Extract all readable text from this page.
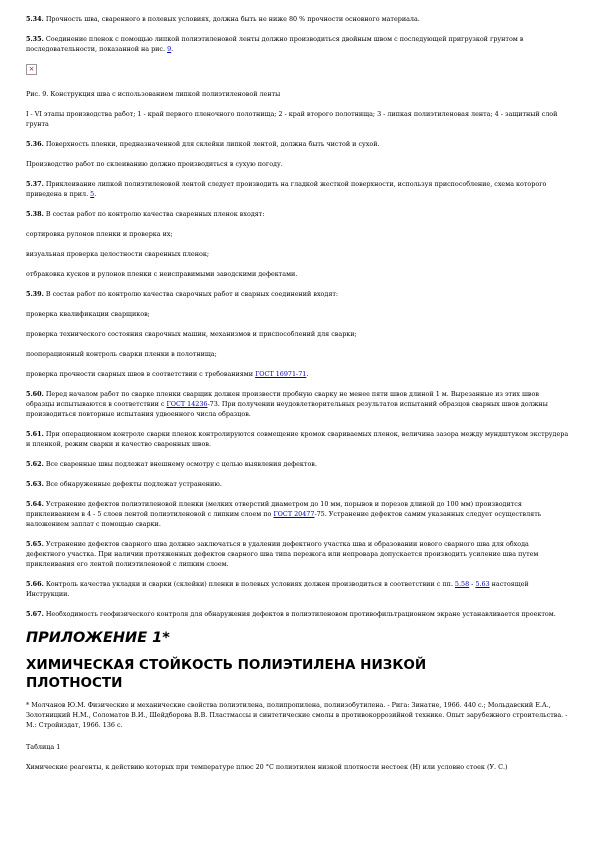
5.34. Прочность шва, сваренного в полевых условиях, должна быть не ниже 80 % прочности основного материала.

5.35. Соединение пленок с помощью липкой полиэтиленовой ленты должно производиться двойным швом с последующей пригрузкой грунтом в последовательности, показанной на рис. 9.

×

Рис. 9. Конструкция шва с использованием липкой полиэтиленовой ленты

I - VI этапы производства работ; 1 - край первого пленочного полотнища; 2 - край второго полотнища; 3 - липкая полиэтиленовая лента; 4 - защитный слой грунта

5.36. Поверхность пленки, предназначенной для склейки липкой лентой, должна быть чистой и сухой.

Производство работ по склеиванию должно производиться в сухую погоду.

5.37. Приклеивание липкой полиэтиленовой лентой следует производить на гладкой жесткой поверхности, используя приспособление, схема которого приведена в прил. 5.

5.38. В состав работ по контролю качества сваренных пленок входят:

сортировка рулонов пленки и проверка их;

визуальная проверка целостности сваренных пленок;

отбраковка кусков и рулонов пленки с неисправимыми заводскими дефектами.

5.39. В состав работ по контролю качества сварочных работ и сварных соединений входят:

проверка квалификации сварщиков;

проверка технического состояния сварочных машин, механизмов и приспособлений для сварки;

пооперационный контроль сварки пленки в полотнища;

проверка прочности сварных швов в соответствии с требованиями ГОСТ 16971-71.

5.60. Перед началом работ по сварке пленки сварщик должен произвести пробную сварку не менее пяти швов длиной 1 м. Вырезанные из этих швов образцы испытываются в соответствии с ГОСТ 14236-73. При получении неудовлетворительных результатов испытаний образцов сварных швов должны производиться повторные испытания удвоенного числа образцов.

5.61. При операционном контроле сварки пленок контролируются совмещение кромок свариваемых пленок, величина зазора между мундштуком экструдера и пленкой, режим сварки и качество сваренных швов.

5.62. Все сваренные швы подлежат внешнему осмотру с целью выявления дефектов.

5.63. Все обнаруженные дефекты подлежат устранению.

5.64. Устранение дефектов полиэтиленовой пленки (мелких отверстий диаметром до 10 мм, порывов и порезов длиной до 100 мм) производится приклеиванием в 4 - 5 слоев лентой полиэтиленовой с липким слоем по ГОСТ 20477-75. Устранение дефектов самим указанных следует осуществлять наложением заплат с помощью сварки.

5.65. Устранение дефектов сварного шва должно заключаться в удалении дефектного участка шва и образовании нового сварного шва для обхода дефектного участка. При наличии протяженных дефектов сварного шва типа пережога или непровара допускается производить усиление шва путем приклеивания его лентой полиэтиленовой с липким слоем.

5.66. Контроль качества укладки и сварки (склейки) пленки в полевых условиях должен производиться в соответствии с пп. 5.58 - 5.63 настоящей Инструкции.

5.67. Необходимость геофизического контроля для обнаружения дефектов в полиэтиленовом противофильтрационном экране устанавливается проектом.

ПРИЛОЖЕНИЕ 1*
ХИМИЧЕСКАЯ СТОЙКОСТЬ ПОЛИЭТИЛЕНА НИЗКОЙ ПЛОТНОСТИ

* Молчанов Ю.М. Физические и механические свойства полиэтилена, полипропилена, полиизобутилена. - Рига: Зинатне, 1966. 440 с.; Мольдавский Е.А., Золотницкий Н.М., Соломатов В.И., Шейдборова В.В. Пластмассы и синтетические смолы в противокоррозийной технике. Опыт зарубежного строительства. - М.: Стройиздат, 1966. 136 с.

Таблица 1

Химические реагенты, к действию которых при температуре плюс 20 °С полиэтилен низкой плотности нестоек (Н) или условно стоек (У. С.)
